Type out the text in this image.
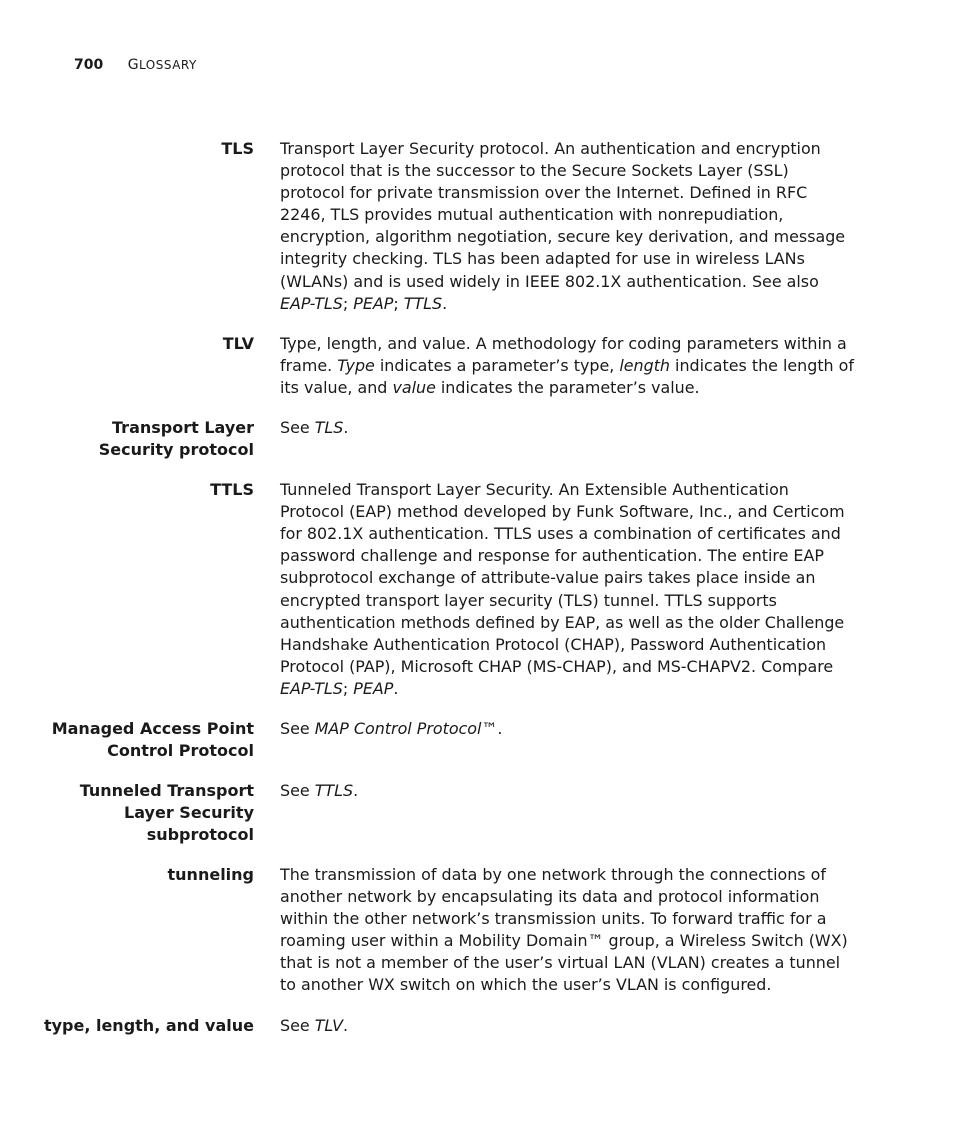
700 GLOSSARY
TLS Transport Layer Security protocol. An authentication and encryption protocol that is the successor to the Secure Sockets Layer (SSL) protocol for private transmission over the Internet. Defined in RFC 2246, TLS provides mutual authentication with nonrepudiation, encryption, algorithm negotiation, secure key derivation, and message integrity checking. TLS has been adapted for use in wireless LANs (WLANs) and is used widely in IEEE 802.1X authentication. See also EAP-TLS; PEAP; TTLS.
TLV Type, length, and value. A methodology for coding parameters within a frame. Type indicates a parameter’s type, length indicates the length of its value, and value indicates the parameter’s value.
Transport Layer Security protocol
See TLS.
TTLS Tunneled Transport Layer Security. An Extensible Authentication Protocol (EAP) method developed by Funk Software, Inc., and Certicom for 802.1X authentication. TTLS uses a combination of certificates and password challenge and response for authentication. The entire EAP subprotocol exchange of attribute-value pairs takes place inside an encrypted transport layer security (TLS) tunnel. TTLS supports authentication methods defined by EAP, as well as the older Challenge Handshake Authentication Protocol (CHAP), Password Authentication Protocol (PAP), Microsoft CHAP (MS-CHAP), and MS-CHAPV2. Compare EAP-TLS; PEAP.
Managed Access Point Control Protocol
See MAP Control Protocol™.
Tunneled Transport Layer Security subprotocol
See TTLS.
tunneling The transmission of data by one network through the connections of another network by encapsulating its data and protocol information within the other network’s transmission units. To forward traffic for a roaming user within a Mobility Domain™ group, a Wireless Switch (WX) that is not a member of the user’s virtual LAN (VLAN) creates a tunnel to another WX switch on which the user’s VLAN is configured.
type, length, and value See TLV.
